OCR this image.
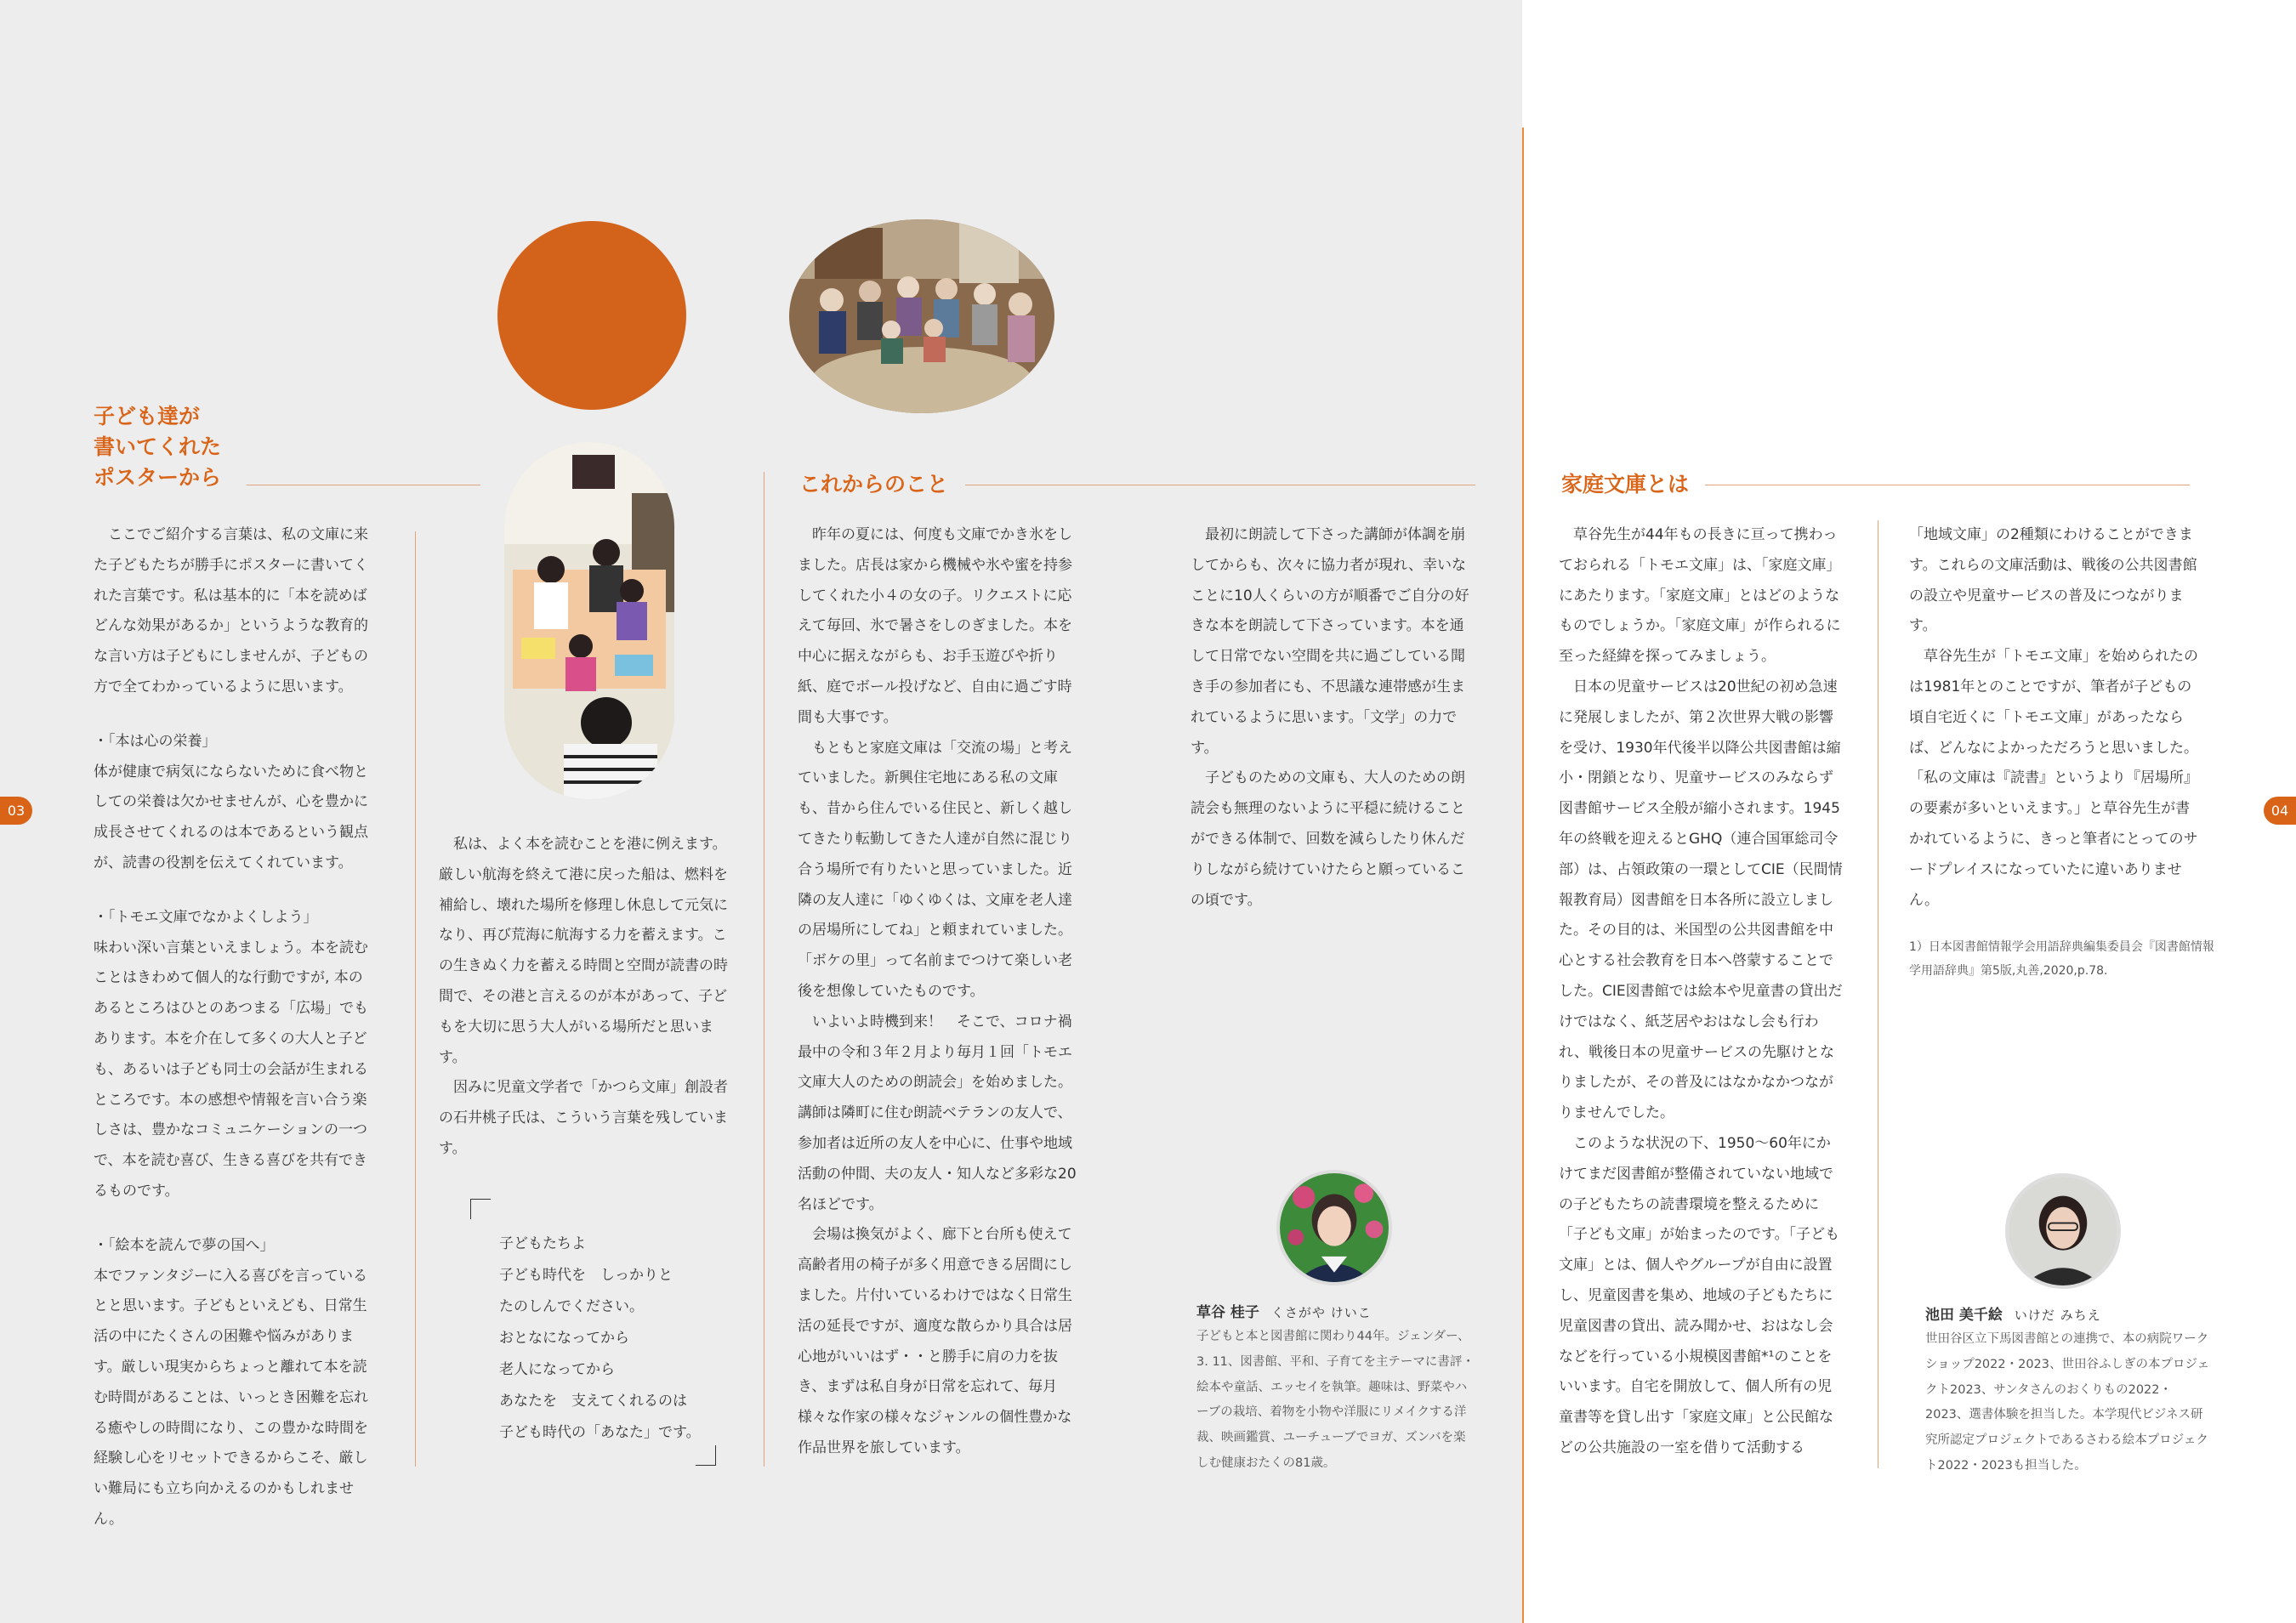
03	04
子ども達が
書いてくれた
ポスターから

ここでご紹介する言葉は、私の文庫に来た子どもたちが勝手にポスターに書いてくれた言葉です。私は基本的に「本を読めばどんな効果があるか」というような教育的な言い方は子どもにしませんが、子どもの方で全てわかっているように思います。

・「本は心の栄養」

体が健康で病気にならないために食べ物としての栄養は欠かせませんが、心を豊かに成長させてくれるのは本であるという観点が、読書の役割を伝えてくれています。

・「トモエ文庫でなかよくしよう」

味わい深い言葉といえましょう。本を読むことはきわめて個人的な行動ですが, 本のあるところはひとのあつまる「広場」でもあります。本を介在して多くの大人と子ども、あるいは子ども同士の会話が生まれるところです。本の感想や情報を言い合う楽しさは、豊かなコミュニケーションの一つで、本を読む喜び、生きる喜びを共有できるものです。

・「絵本を読んで夢の国へ」

本でファンタジーに入る喜びを言っているとと思います。子どもといえども、日常生活の中にたくさんの困難や悩みがあります。厳しい現実からちょっと離れて本を読む時間があることは、いっとき困難を忘れる癒やしの時間になり、この豊かな時間を経験し心をリセットできるからこそ、厳しい難局にも立ち向かえるのかもしれません。

私は、よく本を読むことを港に例えます。厳しい航海を終えて港に戻った船は、燃料を補給し、壊れた場所を修理し休息して元気になり、再び荒海に航海する力を蓄えます。この生きぬく力を蓄える時間と空間が読書の時間で、その港と言えるのが本があって、子どもを大切に思う大人がいる場所だと思います。

因みに児童文学者で「かつら文庫」創設者の石井桃子氏は、こういう言葉を残しています。

子どもたちよ
子ども時代を　しっかりと
たのしんでください。
おとなになってから
老人になってから
あなたを　支えてくれるのは
子ども時代の「あなた」です。
これからのこと

昨年の夏には、何度も文庫でかき氷をしました。店長は家から機械や氷や蜜を持参してくれた小４の女の子。リクエストに応えて毎回、氷で暑さをしのぎました。本を中心に据えながらも、お手玉遊びや折り紙、庭でボール投げなど、自由に過ごす時間も大事です。

もともと家庭文庫は「交流の場」と考えていました。新興住宅地にある私の文庫も、昔から住んでいる住民と、新しく越してきたり転勤してきた人達が自然に混じり合う場所で有りたいと思っていました。近隣の友人達に「ゆくゆくは、文庫を老人達の居場所にしてね」と頼まれていました。「ボケの里」って名前までつけて楽しい老後を想像していたものです。

いよいよ時機到来！　そこで、コロナ禍最中の令和３年２月より毎月１回「トモエ文庫大人のための朗読会」を始めました。講師は隣町に住む朗読ベテランの友人で、参加者は近所の友人を中心に、仕事や地域活動の仲間、夫の友人・知人など多彩な20名ほどです。

会場は換気がよく、廊下と台所も使えて高齢者用の椅子が多く用意できる居間にしました。片付いているわけではなく日常生活の延長ですが、適度な散らかり具合は居心地がいいはず・・と勝手に肩の力を抜き、まずは私自身が日常を忘れて、毎月様々な作家の様々なジャンルの個性豊かな作品世界を旅しています。

最初に朗読して下さった講師が体調を崩してからも、次々に協力者が現れ、幸いなことに10人くらいの方が順番でご自分の好きな本を朗読して下さっています。本を通して日常でない空間を共に過ごしている聞き手の参加者にも、不思議な連帯感が生まれているように思います。「文学」の力です。

子どものための文庫も、大人のための朗読会も無理のないように平穏に続けることができる体制で、回数を減らしたり休んだりしながら続けていけたらと願っているこの頃です。

草谷 桂子 くさがや けいこ
子どもと本と図書館に関わり44年。ジェンダー、3. 11、図書館、平和、子育てを主テーマに書評・絵本や童話、エッセイを執筆。趣味は、野菜やハーブの栽培、着物を小物や洋服にリメイクする洋裁、映画鑑賞、ユーチューブでヨガ、ズンバを楽しむ健康おたくの81歳。
家庭文庫とは

草谷先生が44年もの長きに亘って携わっておられる「トモエ文庫」は、「家庭文庫」にあたります。「家庭文庫」とはどのようなものでしょうか。「家庭文庫」が作られるに至った経緯を探ってみましょう。

日本の児童サービスは20世紀の初め急速に発展しましたが、第２次世界大戦の影響を受け、1930年代後半以降公共図書館は縮小・閉鎖となり、児童サービスのみならず図書館サービス全般が縮小されます。1945年の終戦を迎えるとGHQ（連合国軍総司令部）は、占領政策の一環としてCIE（民間情報教育局）図書館を日本各所に設立しました。その目的は、米国型の公共図書館を中心とする社会教育を日本へ啓蒙することでした。CIE図書館では絵本や児童書の貸出だけではなく、紙芝居やおはなし会も行われ、戦後日本の児童サービスの先駆けとなりましたが、その普及にはなかなかつながりませんでした。

このような状況の下、1950〜60年にかけてまだ図書館が整備されていない地域での子どもたちの読書環境を整えるために「子ども文庫」が始まったのです。「子ども文庫」とは、個人やグループが自由に設置し、児童図書を集め、地域の子どもたちに児童図書の貸出、読み聞かせ、おはなし会などを行っている小規模図書館*¹のことをいいます。自宅を開放して、個人所有の児童書等を貸し出す「家庭文庫」と公民館などの公共施設の一室を借りて活動する

「地域文庫」の2種類にわけることができます。これらの文庫活動は、戦後の公共図書館の設立や児童サービスの普及につながります。

草谷先生が「トモエ文庫」を始められたのは1981年とのことですが、筆者が子どもの頃自宅近くに「トモエ文庫」があったならば、どんなによかっただろうと思いました。「私の文庫は『読書』というより『居場所』の要素が多いといえます。」と草谷先生が書かれているように、きっと筆者にとってのサードプレイスになっていたに違いありません。

1）日本図書館情報学会用語辞典編集委員会『図書館情報学用語辞典』第5版,丸善,2020,p.78.
池田 美千絵 いけだ みちえ
世田谷区立下馬図書館との連携で、本の病院ワークショップ2022・2023、世田谷ふしぎの本プロジェクト2023、サンタさんのおくりもの2022・2023、選書体験を担当した。本学現代ビジネス研究所認定プロジェクトであるさわる絵本プロジェクト2022・2023も担当した。
